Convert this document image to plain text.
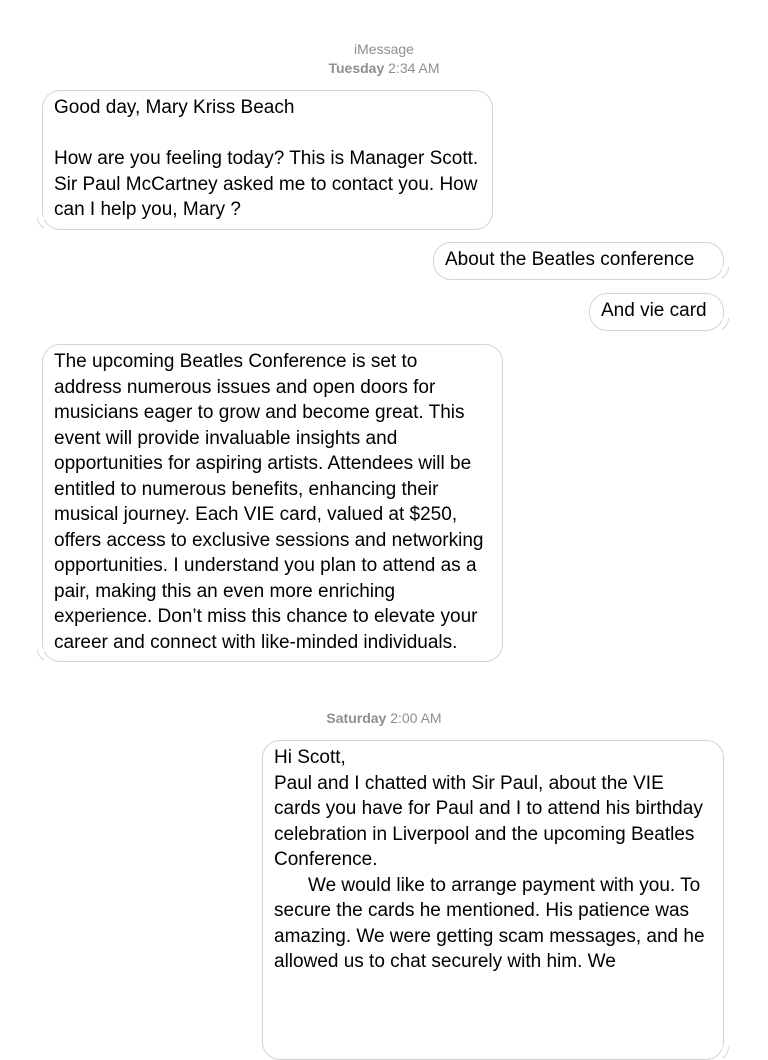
iMessage
Tuesday 2:34 AM
Good day, Mary Kriss Beach

How are you feeling today? This is Manager Scott. Sir Paul McCartney asked me to contact you. How can I help you, Mary ?
About the Beatles conference
And vie card
The upcoming Beatles Conference is set to address numerous issues and open doors for musicians eager to grow and become great. This event will provide invaluable insights and opportunities for aspiring artists. Attendees will be entitled to numerous benefits, enhancing their musical journey. Each VIE card, valued at $250, offers access to exclusive sessions and networking opportunities. I understand you plan to attend as a pair, making this an even more enriching experience. Don’t miss this chance to elevate your career and connect with like-minded individuals.
Saturday 2:00 AM
Hi Scott,
Paul and I chatted with Sir Paul, about the VIE cards you have for Paul and I to attend his birthday celebration in Liverpool and the upcoming Beatles Conference.
We would like to arrange payment with you. To secure the cards he mentioned. His patience was amazing. We were getting scam messages, and he allowed us to chat securely with him. We
